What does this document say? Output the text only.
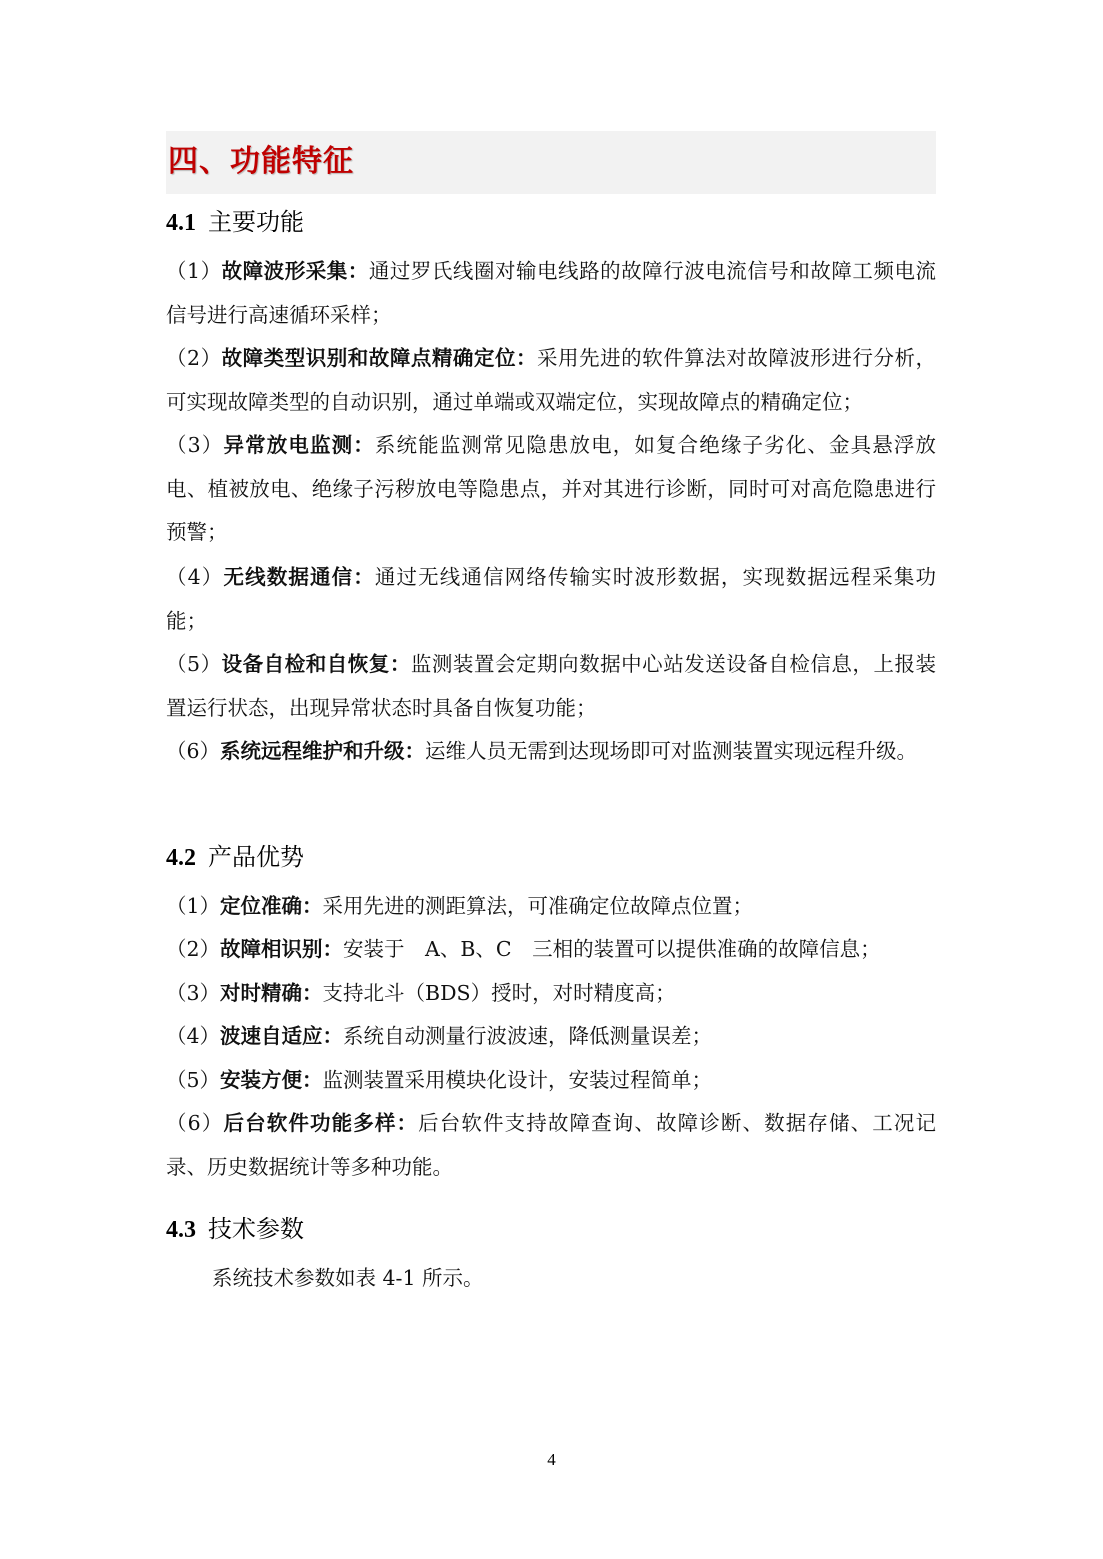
四、功能特征
4.1 主要功能
（1）故障波形采集：通过罗氏线圈对输电线路的故障行波电流信号和故障工频电流信号进行高速循环采样；
（2）故障类型识别和故障点精确定位：采用先进的软件算法对故障波形进行分析，可实现故障类型的自动识别，通过单端或双端定位，实现故障点的精确定位；
（3）异常放电监测：系统能监测常见隐患放电，如复合绝缘子劣化、金具悬浮放电、植被放电、绝缘子污秽放电等隐患点，并对其进行诊断，同时可对高危隐患进行预警；
（4）无线数据通信：通过无线通信网络传输实时波形数据，实现数据远程采集功能；
（5）设备自检和自恢复：监测装置会定期向数据中心站发送设备自检信息，上报装置运行状态，出现异常状态时具备自恢复功能；
（6）系统远程维护和升级：运维人员无需到达现场即可对监测装置实现远程升级。
4.2 产品优势
（1）定位准确：采用先进的测距算法，可准确定位故障点位置；
（2）故障相识别：安装于　A、B、C　三相的装置可以提供准确的故障信息；
（3）对时精确：支持北斗（BDS）授时，对时精度高；
（4）波速自适应：系统自动测量行波波速，降低测量误差；
（5）安装方便：监测装置采用模块化设计，安装过程简单；
（6）后台软件功能多样：后台软件支持故障查询、故障诊断、数据存储、工况记录、历史数据统计等多种功能。
4.3 技术参数
系统技术参数如表 4-1 所示。
4
